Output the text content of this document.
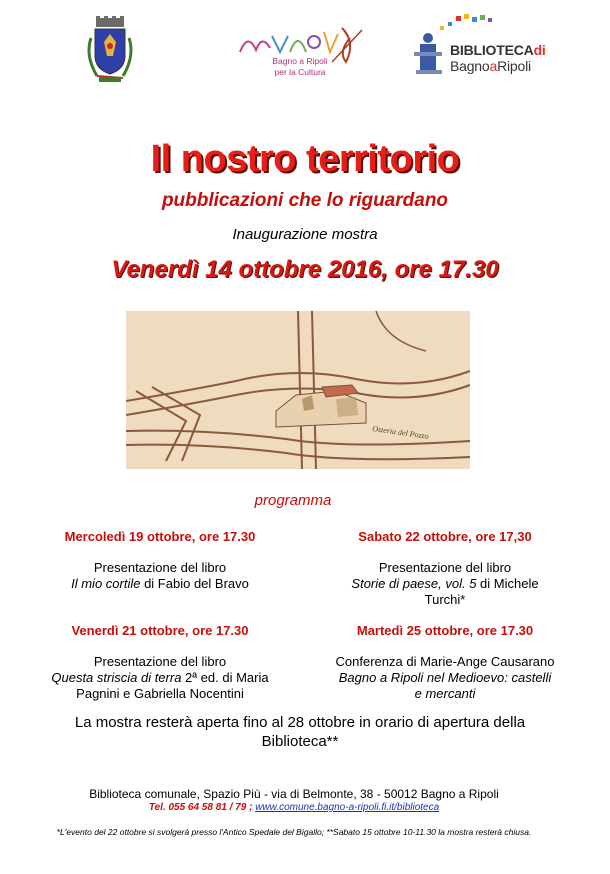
Bagno a Ripoli
per la Cultura
BIBLIOTECAdi
BagnoaRipoli
Il nostro territorio
pubblicazioni che lo riguardano
Inaugurazione mostra
Venerdì 14 ottobre 2016, ore 17.30
Osteria del Pozzo
programma
Mercoledì 19 ottobre, ore 17.30
Presentazione del libro
Il mio cortile di Fabio del Bravo
Sabato 22 ottobre, ore 17,30
Presentazione del libro
Storie di paese, vol. 5 di Michele
Turchi*
Venerdì 21 ottobre, ore 17.30
Presentazione del libro
Questa striscia di terra 2ª ed. di Maria
Pagnini e Gabriella Nocentini
Martedì 25 ottobre, ore 17.30
Conferenza di Marie-Ange Causarano
Bagno a Ripoli nel Medioevo: castelli
e mercanti
La mostra resterà aperta fino al 28 ottobre in orario di apertura della
Biblioteca**
Biblioteca comunale, Spazio Più - via di Belmonte, 38 - 50012 Bagno a Ripoli
Tel. 055 64 58 81 / 79 ; www.comune.bagno-a-ripoli.fi.it/biblioteca
*L'evento del 22 ottobre si svolgerà presso l'Antico Spedale del Bigallo; **Sabato 15 ottobre 10-11.30 la mostra resterà chiusa.
